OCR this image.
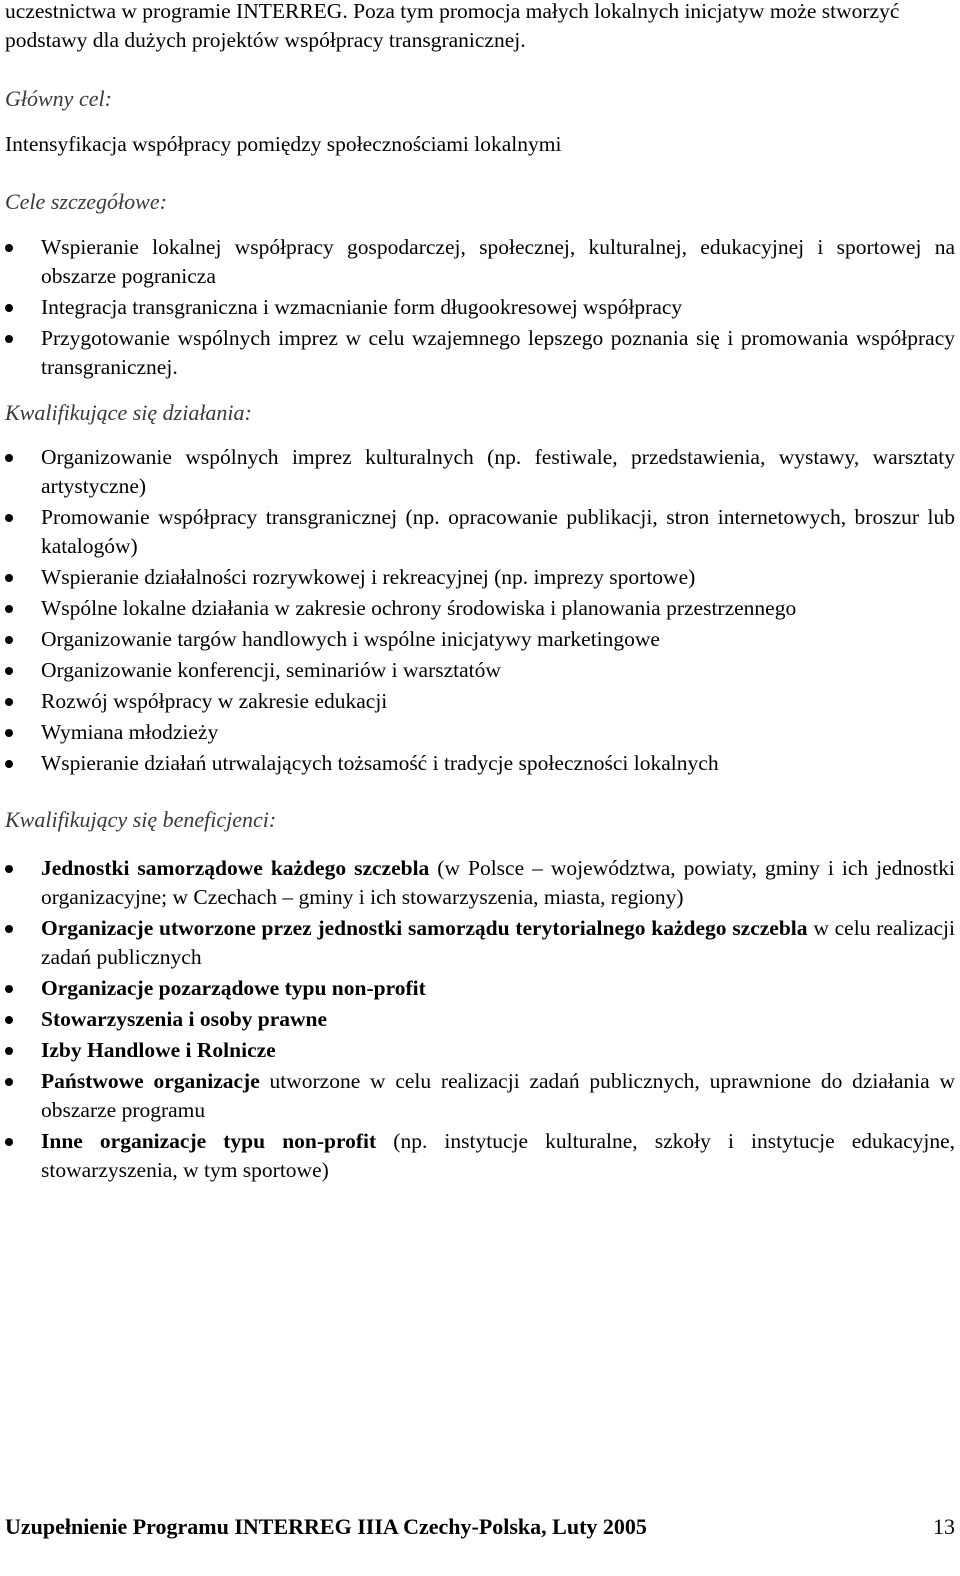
uczestnictwa w programie INTERREG. Poza tym promocja małych lokalnych inicjatyw może stworzyć podstawy dla dużych projektów współpracy transgranicznej.

Główny cel:

Intensyfikacja współpracy pomiędzy społecznościami lokalnymi

Cele szczegółowe:

Wspieranie lokalnej współpracy gospodarczej, społecznej, kulturalnej, edukacyjnej i sportowej na obszarze pogranicza
Integracja transgraniczna i wzmacnianie form długookresowej współpracy
Przygotowanie wspólnych imprez w celu wzajemnego lepszego poznania się i promowania współpracy transgranicznej.

Kwalifikujące się działania:

Organizowanie wspólnych imprez kulturalnych (np. festiwale, przedstawienia, wystawy, warsztaty artystyczne)
Promowanie współpracy transgranicznej (np. opracowanie publikacji, stron internetowych, broszur lub katalogów)
Wspieranie działalności rozrywkowej i rekreacyjnej (np. imprezy sportowe)
Wspólne lokalne działania w zakresie ochrony środowiska i planowania przestrzennego
Organizowanie targów handlowych i wspólne inicjatywy marketingowe
Organizowanie konferencji, seminariów i warsztatów
Rozwój współpracy w zakresie edukacji
Wymiana młodzieży
Wspieranie działań utrwalających tożsamość i tradycje społeczności lokalnych

Kwalifikujący się beneficjenci:

Jednostki samorządowe każdego szczebla (w Polsce – województwa, powiaty, gminy i ich jednostki organizacyjne; w Czechach – gminy i ich stowarzyszenia, miasta, regiony)
Organizacje utworzone przez jednostki samorządu terytorialnego każdego szczebla w celu realizacji zadań publicznych
Organizacje pozarządowe typu non-profit
Stowarzyszenia i osoby prawne
Izby Handlowe i Rolnicze
Państwowe organizacje utworzone w celu realizacji zadań publicznych, uprawnione do działania w obszarze programu
Inne organizacje typu non-profit (np. instytucje kulturalne, szkoły i instytucje edukacyjne, stowarzyszenia, w tym sportowe)
Uzupełnienie Programu INTERREG IIIA Czechy-Polska, Luty 2005	13
